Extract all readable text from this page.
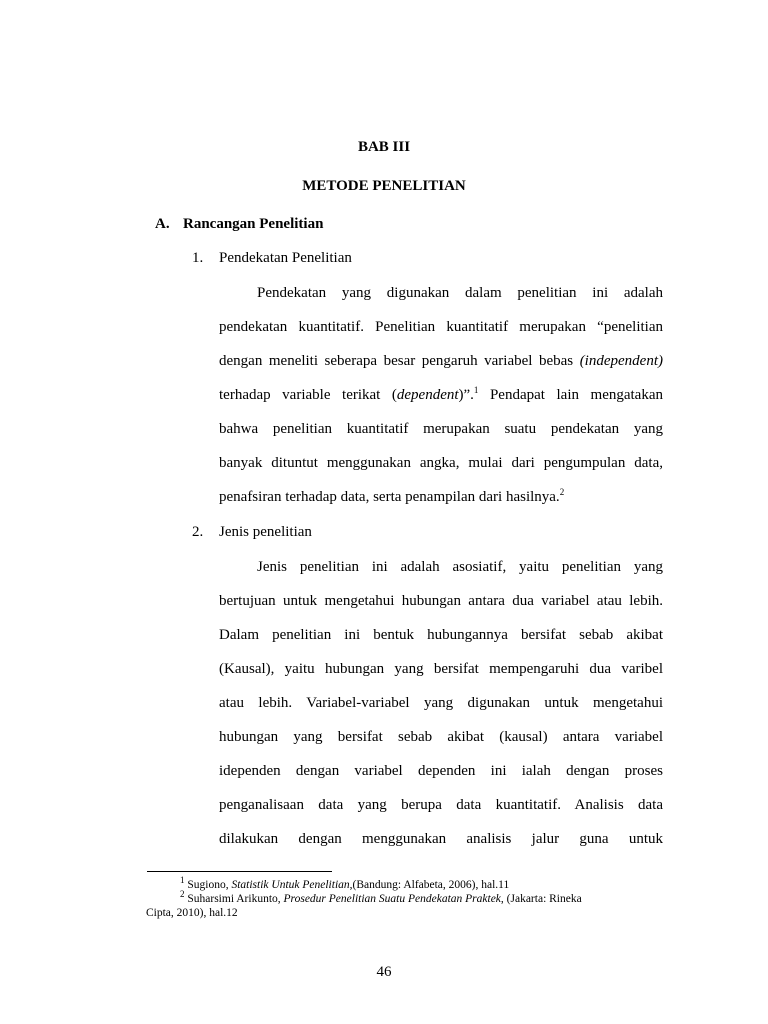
BAB III
METODE PENELITIAN
A. Rancangan Penelitian
1. Pendekatan Penelitian
Pendekatan yang digunakan dalam penelitian ini adalah
pendekatan kuantitatif. Penelitian kuantitatif merupakan “penelitian
dengan meneliti seberapa besar pengaruh variabel bebas (independent)
terhadap variable terikat (dependent)”.$^1$ Pendapat lain mengatakan
bahwa penelitian kuantitatif merupakan suatu pendekatan yang
banyak dituntut menggunakan angka, mulai dari pengumpulan data,
penafsiran terhadap data, serta penampilan dari hasilnya.$^2$
2. Jenis penelitian
Jenis penelitian ini adalah asosiatif, yaitu penelitian yang
bertujuan untuk mengetahui hubungan antara dua variabel atau lebih.
Dalam penelitian ini bentuk hubungannya bersifat sebab akibat
(Kausal), yaitu hubungan yang bersifat mempengaruhi dua varibel
atau lebih. Variabel-variabel yang digunakan untuk mengetahui
hubungan yang bersifat sebab akibat (kausal) antara variabel
idependen dengan variabel dependen ini ialah dengan proses
penganalisaan data yang berupa data kuantitatif. Analisis data
dilakukan dengan menggunakan analisis jalur guna untuk
$^1$ Sugiono, Statistik Untuk Penelitian,(Bandung: Alfabeta, 2006), hal.11
$^2$ Suharsimi Arikunto, Prosedur Penelitian Suatu Pendekatan Praktek, (Jakarta: Rineka
Cipta, 2010), hal.12
46
